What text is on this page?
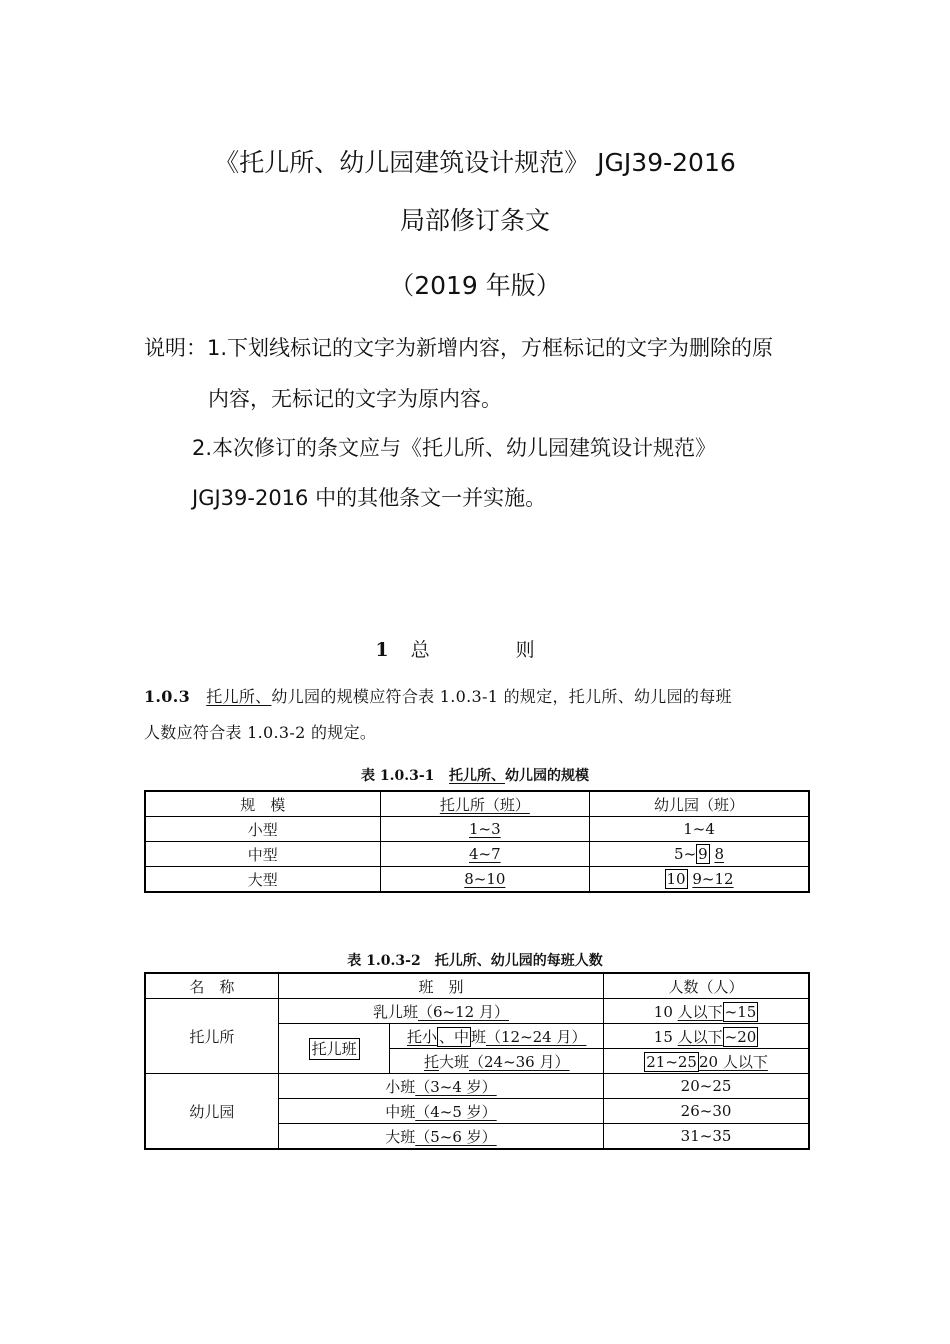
《托儿所、幼儿园建筑设计规范》 JGJ39-2016
局部修订条文
（2019 年版）
说明：1.下划线标记的文字为新增内容，方框标记的文字为删除的原
内容，无标记的文字为原内容。
2.本次修订的条文应与《托儿所、幼儿园建筑设计规范》
JGJ39-2016 中的其他条文一并实施。
1 总 则
1.0.3 托儿所、幼儿园的规模应符合表 1.0.3-1 的规定，托儿所、幼儿园的每班
人数应符合表 1.0.3-2 的规定。
表 1.0.3-1 托儿所、幼儿园的规模
规　模	托儿所（班）	幼儿园（班）
小型	1~3	1~4
中型	4~7	5~ 9 8
大型	8~10	10 9~12
表 1.0.3-2　托儿所、幼儿园的每班人数
名　称	班　别		人数（人）
托儿所	乳儿班（6~12 月）		10 人以下 ~15
	托儿班	托小 、中 班（12~24 月）	15 人以下 ~20
		托大班（24~36 月）	21~25 20 人以下
幼儿园	小班（3~4 岁）		20~25
	中班（4~5 岁）		26~30
	大班（5~6 岁）		31~35
